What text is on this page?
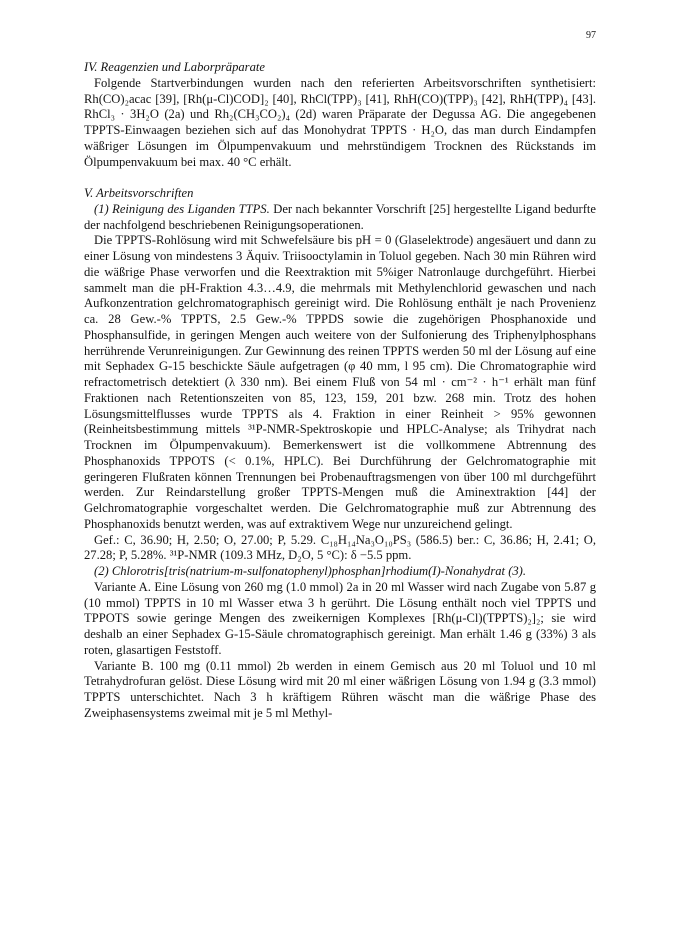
97
IV. Reagenzien und Laborpräparate

Folgende Startverbindungen wurden nach den referierten Arbeitsvorschriften synthetisiert: Rh(CO)₂acac [39], [Rh(μ-Cl)COD]₂ [40], RhCl(TPP)₃ [41], RhH(CO)(TPP)₃ [42], RhH(TPP)₄ [43]. RhCl₃ · 3H₂O (2a) und Rh₂(CH₃CO₂)₄ (2d) waren Präparate der Degussa AG. Die angegebenen TPPTS-Einwaagen beziehen sich auf das Monohydrat TPPTS · H₂O, das man durch Eindampfen wäßriger Lösungen im Ölpumpenvakuum und mehrstündigem Trocknen des Rückstands im Ölpumpenvakuum bei max. 40 °C erhält.

V. Arbeitsvorschriften

(1) Reinigung des Liganden TTPS. Der nach bekannter Vorschrift [25] hergestellte Ligand bedurfte der nachfolgend beschriebenen Reinigungsoperationen.

Die TPPTS-Rohlösung wird mit Schwefelsäure bis pH = 0 (Glaselektrode) angesäuert und dann zu einer Lösung von mindestens 3 Äquiv. Triisooctylamin in Toluol gegeben. Nach 30 min Rühren wird die wäßrige Phase verworfen und die Reextraktion mit 5%iger Natronlauge durchgeführt. Hierbei sammelt man die pH-Fraktion 4.3…4.9, die mehrmals mit Methylenchlorid gewaschen und nach Aufkonzentration gelchromatographisch gereinigt wird. Die Rohlösung enthält je nach Provenienz ca. 28 Gew.-% TPPTS, 2.5 Gew.-% TPPDS sowie die zugehörigen Phosphanoxide und Phosphansulfide, in geringen Mengen auch weitere von der Sulfonierung des Triphenylphosphans herrührende Verunreinigungen. Zur Gewinnung des reinen TPPTS werden 50 ml der Lösung auf eine mit Sephadex G-15 beschickte Säule aufgetragen (φ 40 mm, l 95 cm). Die Chromatographie wird refractometrisch detektiert (λ 330 nm). Bei einem Fluß von 54 ml · cm⁻² · h⁻¹ erhält man fünf Fraktionen nach Retentionszeiten von 85, 123, 159, 201 bzw. 268 min. Trotz des hohen Lösungsmittelflusses wurde TPPTS als 4. Fraktion in einer Reinheit > 95% gewonnen (Reinheitsbestimmung mittels ³¹P-NMR-Spektroskopie und HPLC-Analyse; als Trihydrat nach Trocknen im Ölpumpenvakuum). Bemerkenswert ist die vollkommene Abtrennung des Phosphanoxids TPPOTS (< 0.1%, HPLC). Bei Durchführung der Gelchromatographie mit geringeren Flußraten können Trennungen bei Probenauftragsmengen von über 100 ml durchgeführt werden. Zur Reindarstellung großer TPPTS-Mengen muß die Aminextraktion [44] der Gelchromatographie vorgeschaltet werden. Die Gelchromatographie muß zur Abtrennung des Phosphanoxids benutzt werden, was auf extraktivem Wege nur unzureichend gelingt.

Gef.: C, 36.90; H, 2.50; O, 27.00; P, 5.29. C₁₈H₁₄Na₃O₁₀PS₃ (586.5) ber.: C, 36.86; H, 2.41; O, 27.28; P, 5.28%. ³¹P-NMR (109.3 MHz, D₂O, 5 °C): δ −5.5 ppm.

(2) Chlorotris[tris(natrium-m-sulfonatophenyl)phosphan]rhodium(I)-Nonahydrat (3).

Variante A. Eine Lösung von 260 mg (1.0 mmol) 2a in 20 ml Wasser wird nach Zugabe von 5.87 g (10 mmol) TPPTS in 10 ml Wasser etwa 3 h gerührt. Die Lösung enthält noch viel TPPTS und TPPOTS sowie geringe Mengen des zweikernigen Komplexes [Rh(μ-Cl)(TPPTS)₂]₂; sie wird deshalb an einer Sephadex G-15-Säule chromatographisch gereinigt. Man erhält 1.46 g (33%) 3 als roten, glasartigen Feststoff.

Variante B. 100 mg (0.11 mmol) 2b werden in einem Gemisch aus 20 ml Toluol und 10 ml Tetrahydrofuran gelöst. Diese Lösung wird mit 20 ml einer wäßrigen Lösung von 1.94 g (3.3 mmol) TPPTS unterschichtet. Nach 3 h kräftigem Rühren wäscht man die wäßrige Phase des Zweiphasensystems zweimal mit je 5 ml Methyl-
